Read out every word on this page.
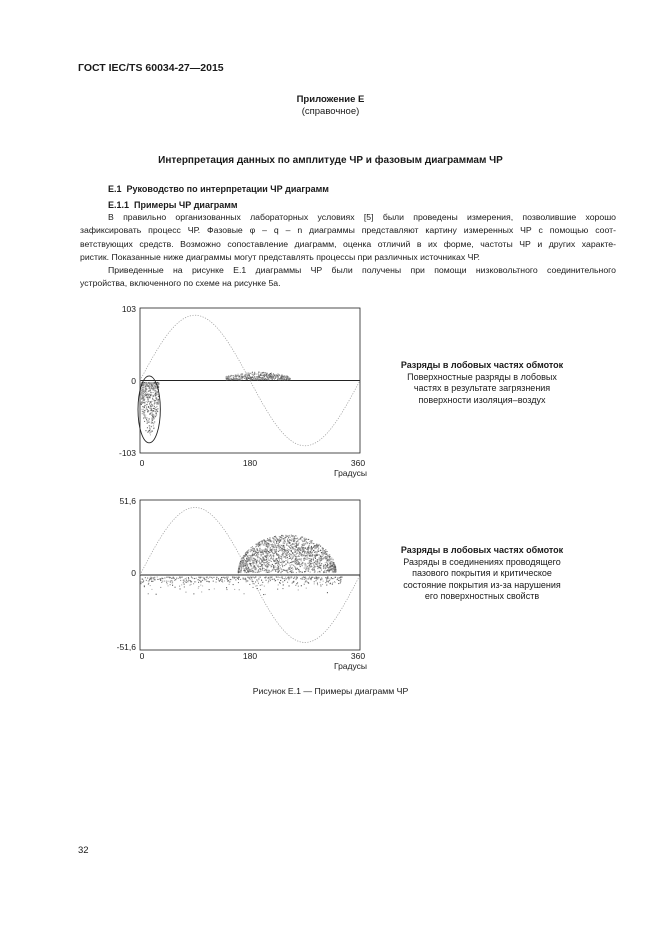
ГОСТ IEC/TS 60034-27—2015
Приложение Е
(справочное)
Интерпретация данных по амплитуде ЧР и фазовым диаграммам ЧР
Е.1 Руководство по интерпретации ЧР диаграмм
Е.1.1 Примеры ЧР диаграмм
В правильно организованных лабораторных условиях [5] были проведены измерения, позволившие хорошо
зафиксировать процесс ЧР. Фазовые φ – q – n диаграммы представляют картину измеренных ЧР с помощью соот-
ветствующих средств. Возможно сопоставление диаграмм, оценка отличий в их форме, частоты ЧР и других характе-
ристик. Показанные ниже диаграммы могут представлять процессы при различных источниках ЧР.
Приведенные на рисунке Е.1 диаграммы ЧР были получены при помощи низковольтного соединительного
устройства, включенного по схеме на рисунке 5а.
103
0
-103
0	180	360
Градусы
Разряды в лобовых частях обмоток
Поверхностные разряды в лобовых
частях в результате загрязнения
поверхности изоляция–воздух
51,6
0
-51,6
0	180	360
Градусы
Разряды в лобовых частях обмоток
Разряды в соединениях проводящего
пазового покрытия и критическое
состояние покрытия из-за нарушения
его поверхностных свойств
Рисунок Е.1 — Примеры диаграмм ЧР
32
